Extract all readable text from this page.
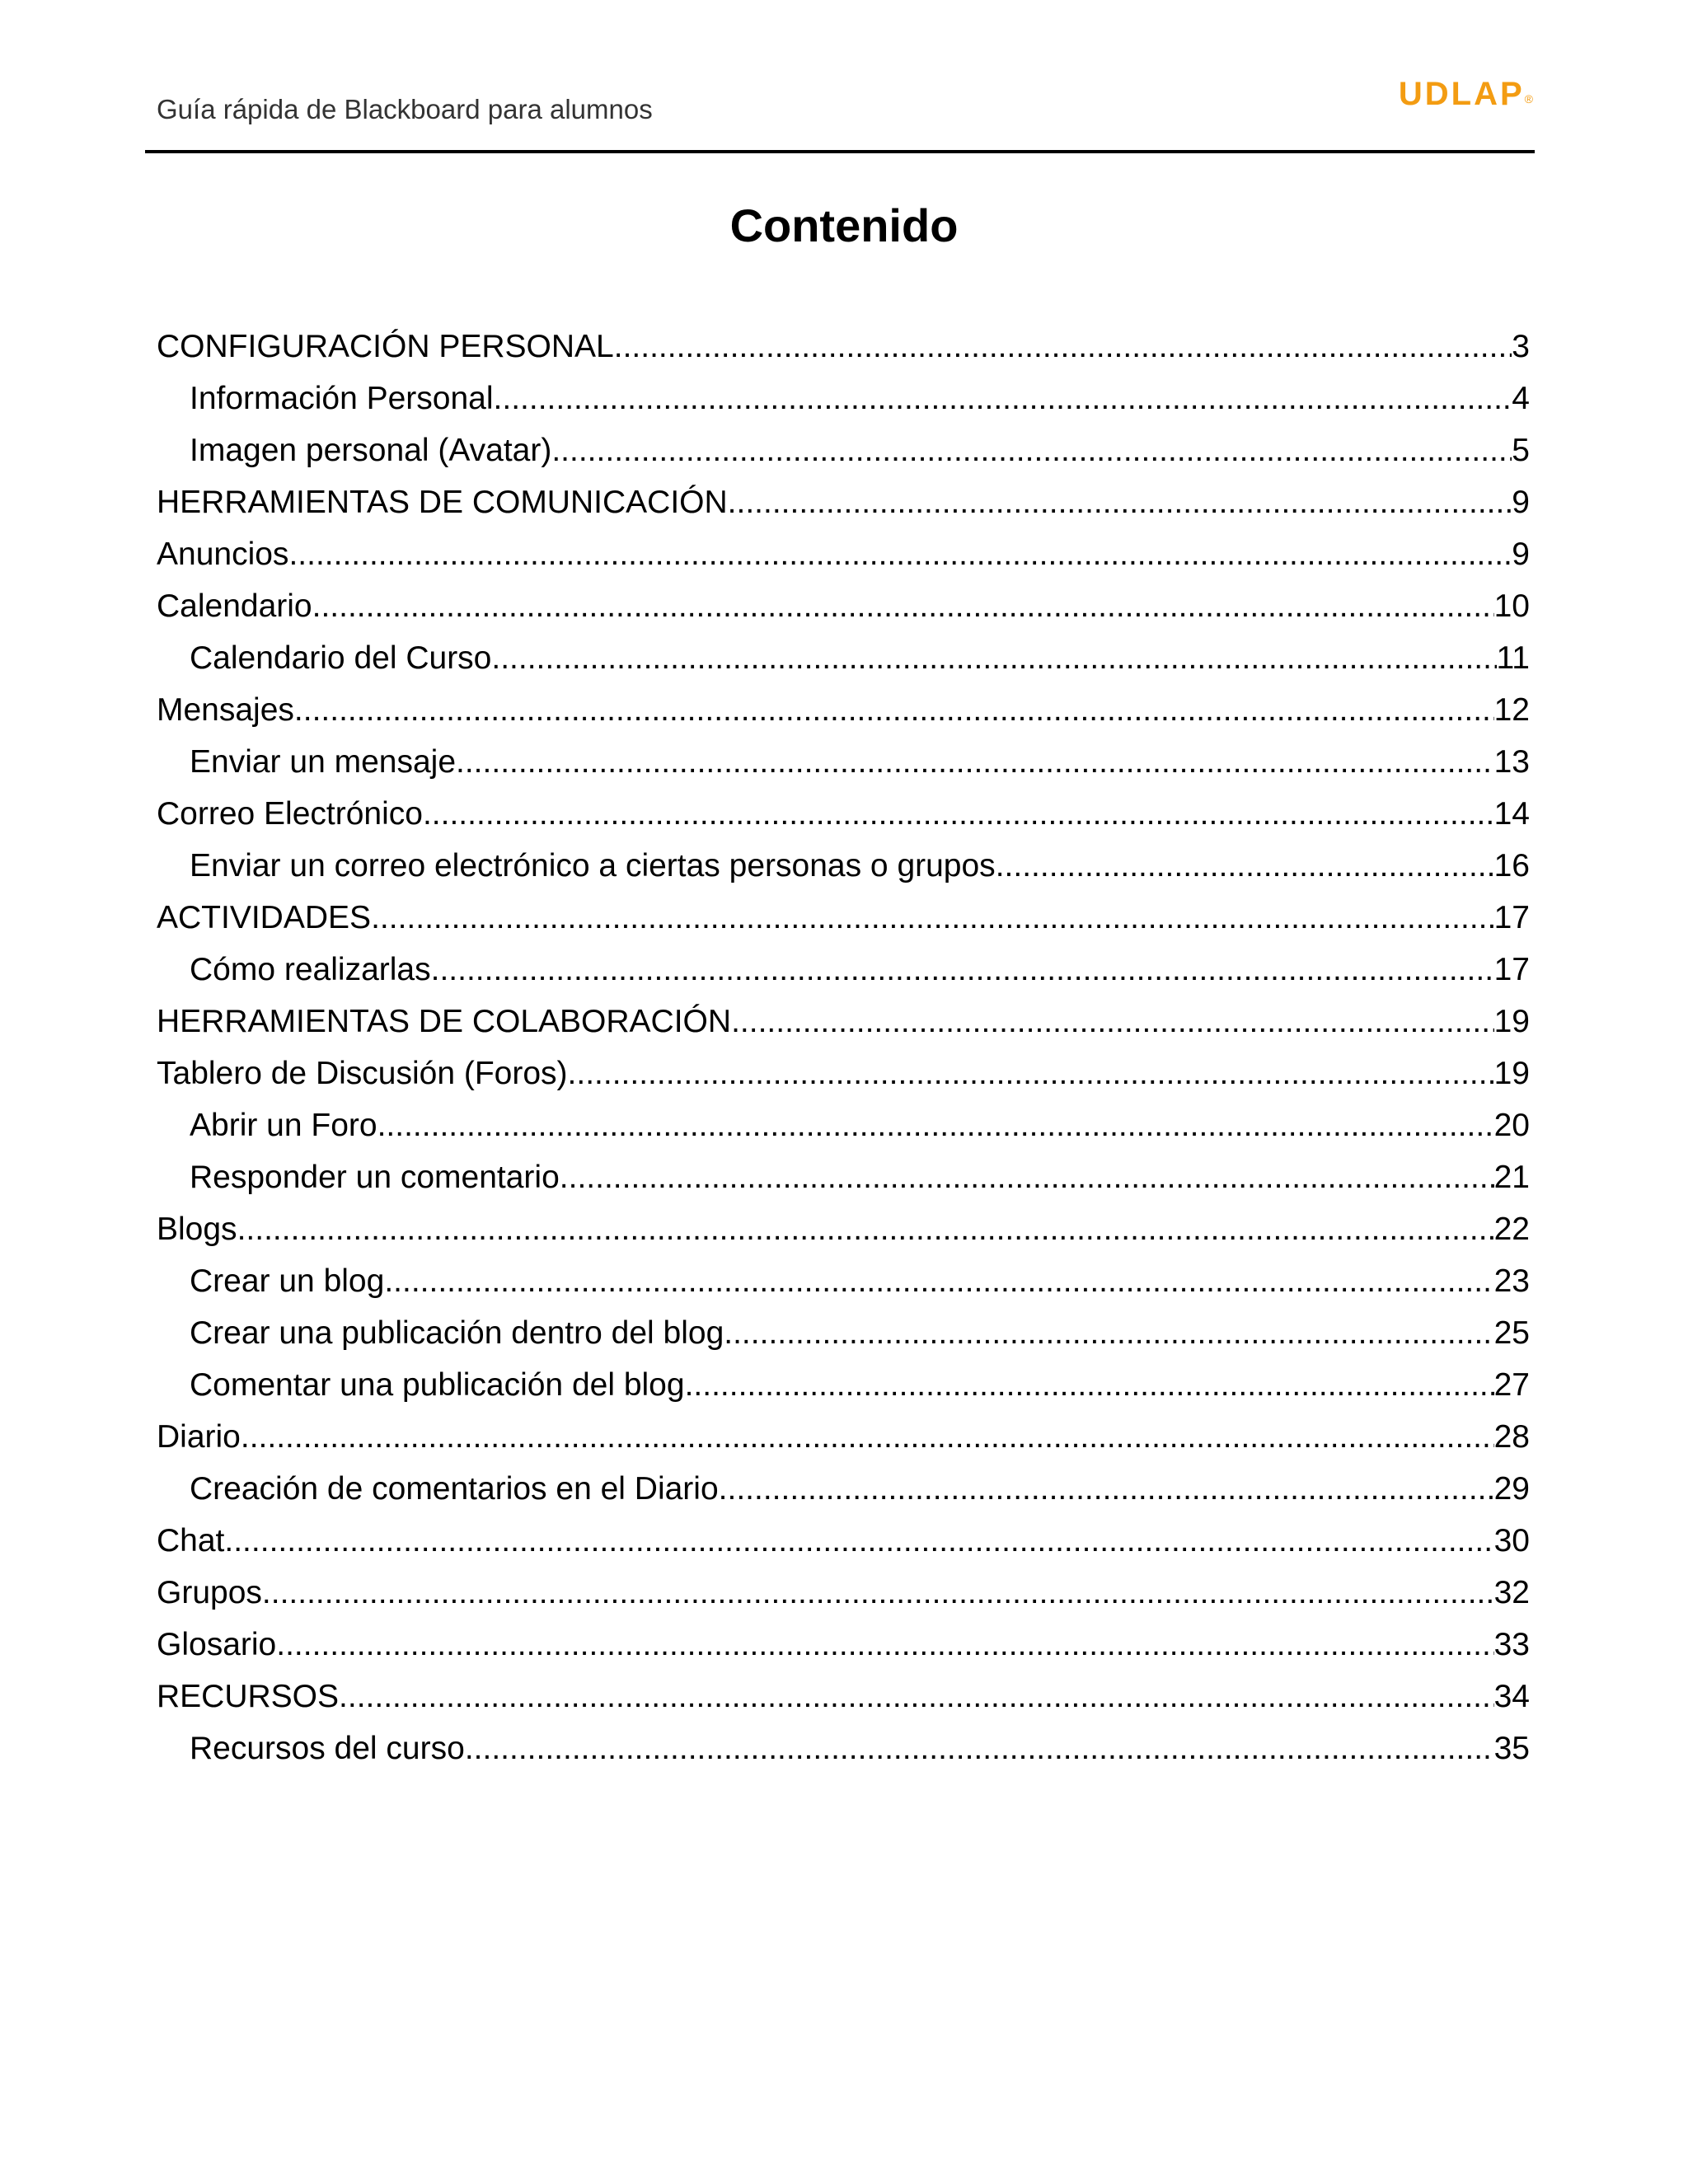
Guía rápida de Blackboard para alumnos	UDLAP®
Contenido
CONFIGURACIÓN PERSONAL .....	3
Información Personal .....	4
Imagen personal (Avatar) .....	5
HERRAMIENTAS DE COMUNICACIÓN .....	9
Anuncios .....	9
Calendario .....	10
Calendario del Curso .....	11
Mensajes .....	12
Enviar un mensaje .....	13
Correo Electrónico .....	14
Enviar un correo electrónico a ciertas personas o grupos .....	16
ACTIVIDADES .....	17
Cómo realizarlas .....	17
HERRAMIENTAS DE COLABORACIÓN .....	19
Tablero de Discusión (Foros) .....	19
Abrir un Foro .....	20
Responder un comentario .....	21
Blogs .....	22
Crear un blog .....	23
Crear una publicación dentro del blog .....	25
Comentar una publicación del blog .....	27
Diario .....	28
Creación de comentarios en el Diario .....	29
Chat .....	30
Grupos .....	32
Glosario .....	33
RECURSOS .....	34
Recursos del curso .....	35
